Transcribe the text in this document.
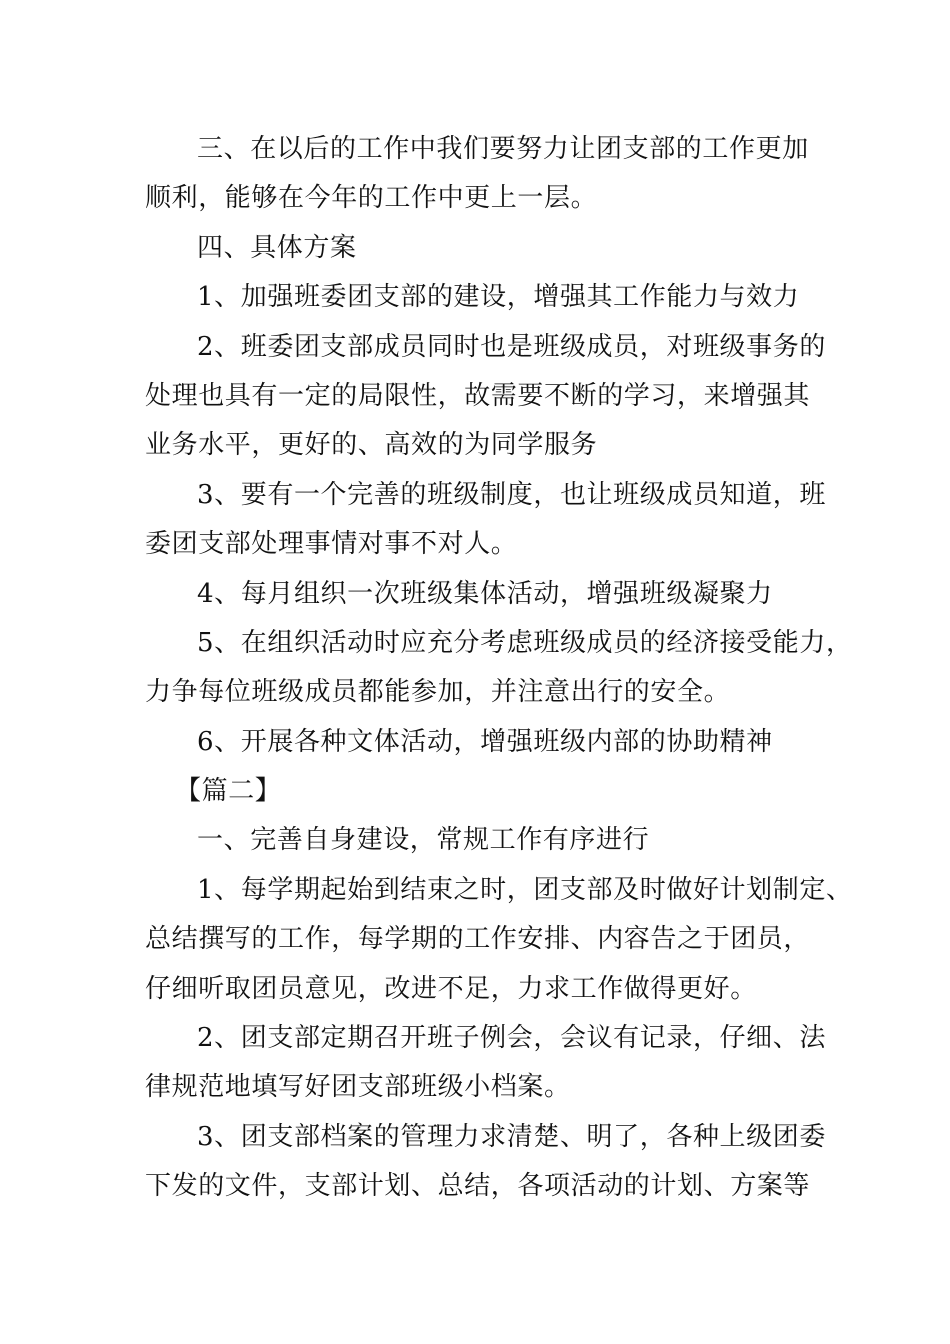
三、在以后的工作中我们要努力让团支部的工作更加
顺利，能够在今年的工作中更上一层。
四、具体方案
1、加强班委团支部的建设，增强其工作能力与效力
2、班委团支部成员同时也是班级成员，对班级事务的
处理也具有一定的局限性，故需要不断的学习，来增强其
业务水平，更好的、高效的为同学服务
3、要有一个完善的班级制度，也让班级成员知道，班
委团支部处理事情对事不对人。
4、每月组织一次班级集体活动，增强班级凝聚力
5、在组织活动时应充分考虑班级成员的经济接受能力，
力争每位班级成员都能参加，并注意出行的安全。
6、开展各种文体活动，增强班级内部的协助精神
【篇二】
一、完善自身建设，常规工作有序进行
1、每学期起始到结束之时，团支部及时做好计划制定、
总结撰写的工作，每学期的工作安排、内容告之于团员，
仔细听取团员意见，改进不足，力求工作做得更好。
2、团支部定期召开班子例会，会议有记录，仔细、法
律规范地填写好团支部班级小档案。
3、团支部档案的管理力求清楚、明了，各种上级团委
下发的文件，支部计划、总结，各项活动的计划、方案等
